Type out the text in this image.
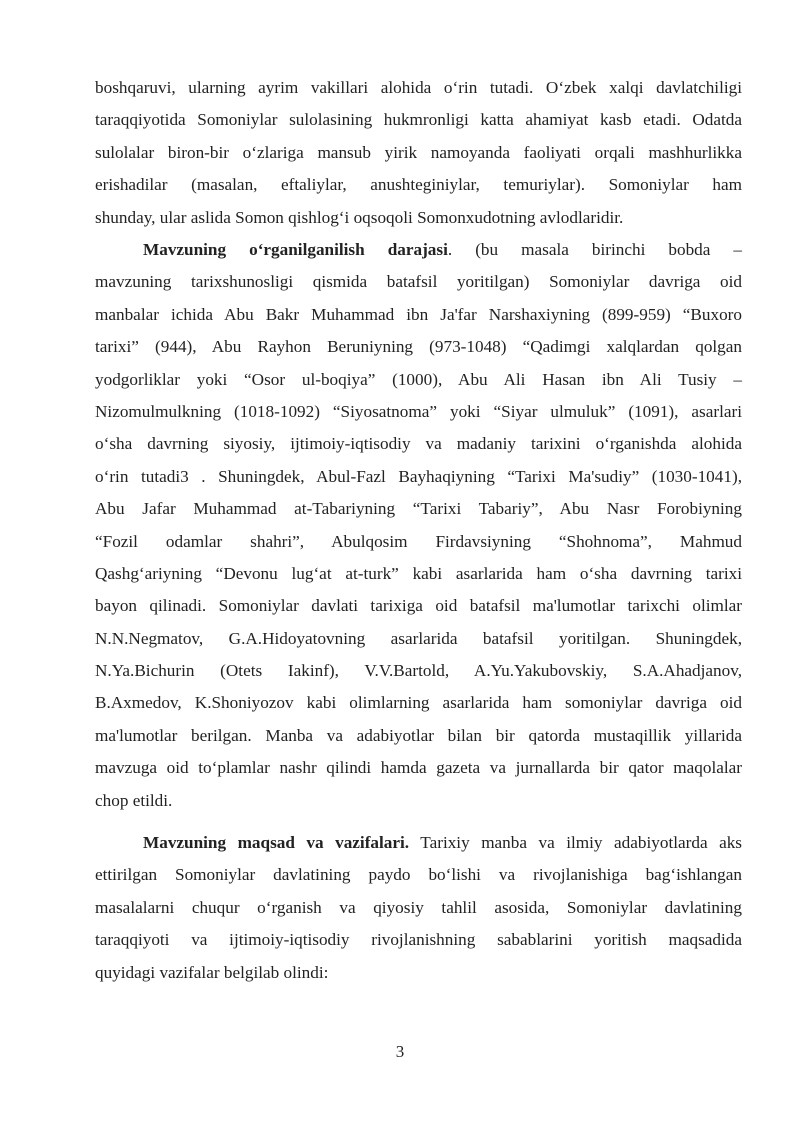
boshqaruvi, ularning ayrim vakillari alohida o‘rin tutadi. O‘zbek xalqi davlatchiligi
taraqqiyotida Somoniylar sulolasining hukmronligi katta ahamiyat kasb etadi. Odatda
sulolalar biron-bir o‘zlariga mansub yirik namoyanda faoliyati orqali mashhurlikka
erishadilar (masalan, eftaliylar, anushteginiylar, temuriylar). Somoniylar ham
shunday, ular aslida Somon qishlog‘i oqsoqoli Somonxudotning avlodlaridir.
Mavzuning o‘rganilganilish darajasi. (bu masala birinchi bobda –
mavzuning tarixshunosligi qismida batafsil yoritilgan) Somoniylar davriga oid
manbalar ichida Abu Bakr Muhammad ibn Ja'far Narshaxiyning (899-959) “Buxoro
tarixi” (944), Abu Rayhon Beruniyning (973-1048) “Qadimgi xalqlardan qolgan
yodgorliklar yoki “Osor ul-boqiya” (1000), Abu Ali Hasan ibn Ali Tusiy –
Nizomulmulkning (1018-1092) “Siyosatnoma” yoki “Siyar ulmuluk” (1091), asarlari
o‘sha davrning siyosiy, ijtimoiy-iqtisodiy va madaniy tarixini o‘rganishda alohida
o‘rin tutadi3 . Shuningdek, Abul-Fazl Bayhaqiyning “Tarixi Ma'sudiy” (1030-1041),
Abu Jafar Muhammad at-Tabariyning “Tarixi Tabariy”, Abu Nasr Forobiyning
“Fozil odamlar shahri”, Abulqosim Firdavsiyning “Shohnoma”, Mahmud
Qashg‘ariyning “Devonu lug‘at at-turk” kabi asarlarida ham o‘sha davrning tarixi
bayon qilinadi. Somoniylar davlati tarixiga oid batafsil ma'lumotlar tarixchi olimlar
N.N.Negmatov, G.A.Hidoyatovning asarlarida batafsil yoritilgan. Shuningdek,
N.Ya.Bichurin (Otets Iakinf), V.V.Bartold, A.Yu.Yakubovskiy, S.A.Ahadjanov,
B.Axmedov, K.Shoniyozov kabi olimlarning asarlarida ham somoniylar davriga oid
ma'lumotlar berilgan. Manba va adabiyotlar bilan bir qatorda mustaqillik yillarida
mavzuga oid to‘plamlar nashr qilindi hamda gazeta va jurnallarda bir qator maqolalar
chop etildi.
Mavzuning maqsad va vazifalari. Tarixiy manba va ilmiy adabiyotlarda aks
ettirilgan Somoniylar davlatining paydo bo‘lishi va rivojlanishiga bag‘ishlangan
masalalarni chuqur o‘rganish va qiyosiy tahlil asosida, Somoniylar davlatining
taraqqiyoti va ijtimoiy-iqtisodiy rivojlanishning sabablarini yoritish maqsadida
quyidagi vazifalar belgilab olindi:
3
